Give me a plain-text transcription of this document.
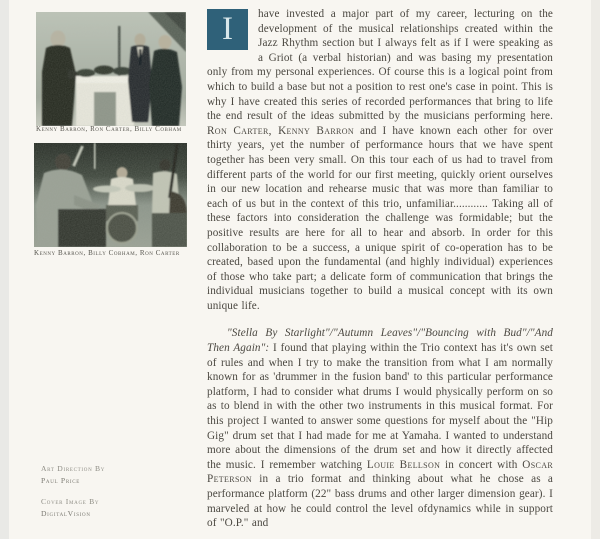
Kenny Barron, Ron Carter, Billy Cobham
Kenny Barron, Billy Cobham, Ron Carter
Art Direction By
Paul Price
Cover Image By
DigitalVision

I	have invested a major part of my career, lecturing on the development of the musical relationships created within the Jazz Rhythm section but I always felt as if I were speaking as a Griot (a verbal historian) and was basing my presentation only from my personal experiences. Of course this is a logical point from which to build a base but not a position to rest one's case in point. This is why I have created this series of recorded performances that bring to life the end result of the ideas submitted by the musicians performing here. Ron Carter, Kenny Barron and I have known each other for over thirty years, yet the number of performance hours that we have spent together has been very small. On this tour each of us had to travel from different parts of the world for our first meeting, quickly orient ourselves in our new location and rehearse music that was more than familiar to each of us but in the context of this trio, unfamiliar............ Taking all of these factors into consideration the challenge was formidable; but the positive results are here for all to hear and absorb. In order for this collaboration to be a success, a unique spirit of co-operation has to be created, based upon the fundamental (and highly individual) experiences of those who take part; a delicate form of communication that brings the individual musicians together to build a musical concept with its own unique life.

"Stella By Starlight"/"Autumn Leaves"/"Bouncing with Bud"/"And Then Again": I found that playing within the Trio context has it's own set of rules and when I try to make the transition from what I am normally known for as 'drummer in the fusion band' to this particular performance platform, I had to consider what drums I would physically perform on so as to blend in with the other two instruments in this musical format. For this project I wanted to answer some questions for myself about the "Hip Gig" drum set that I had made for me at Yamaha. I wanted to understand more about the dimensions of the drum set and how it directly affected the music. I remember watching Louie Bellson in concert with Oscar Peterson in a trio format and thinking about what he chose as a performance platform (22" bass drums and other larger dimension gear). I marveled at how he could control the level ofdynamics while in support of "O.P." and
